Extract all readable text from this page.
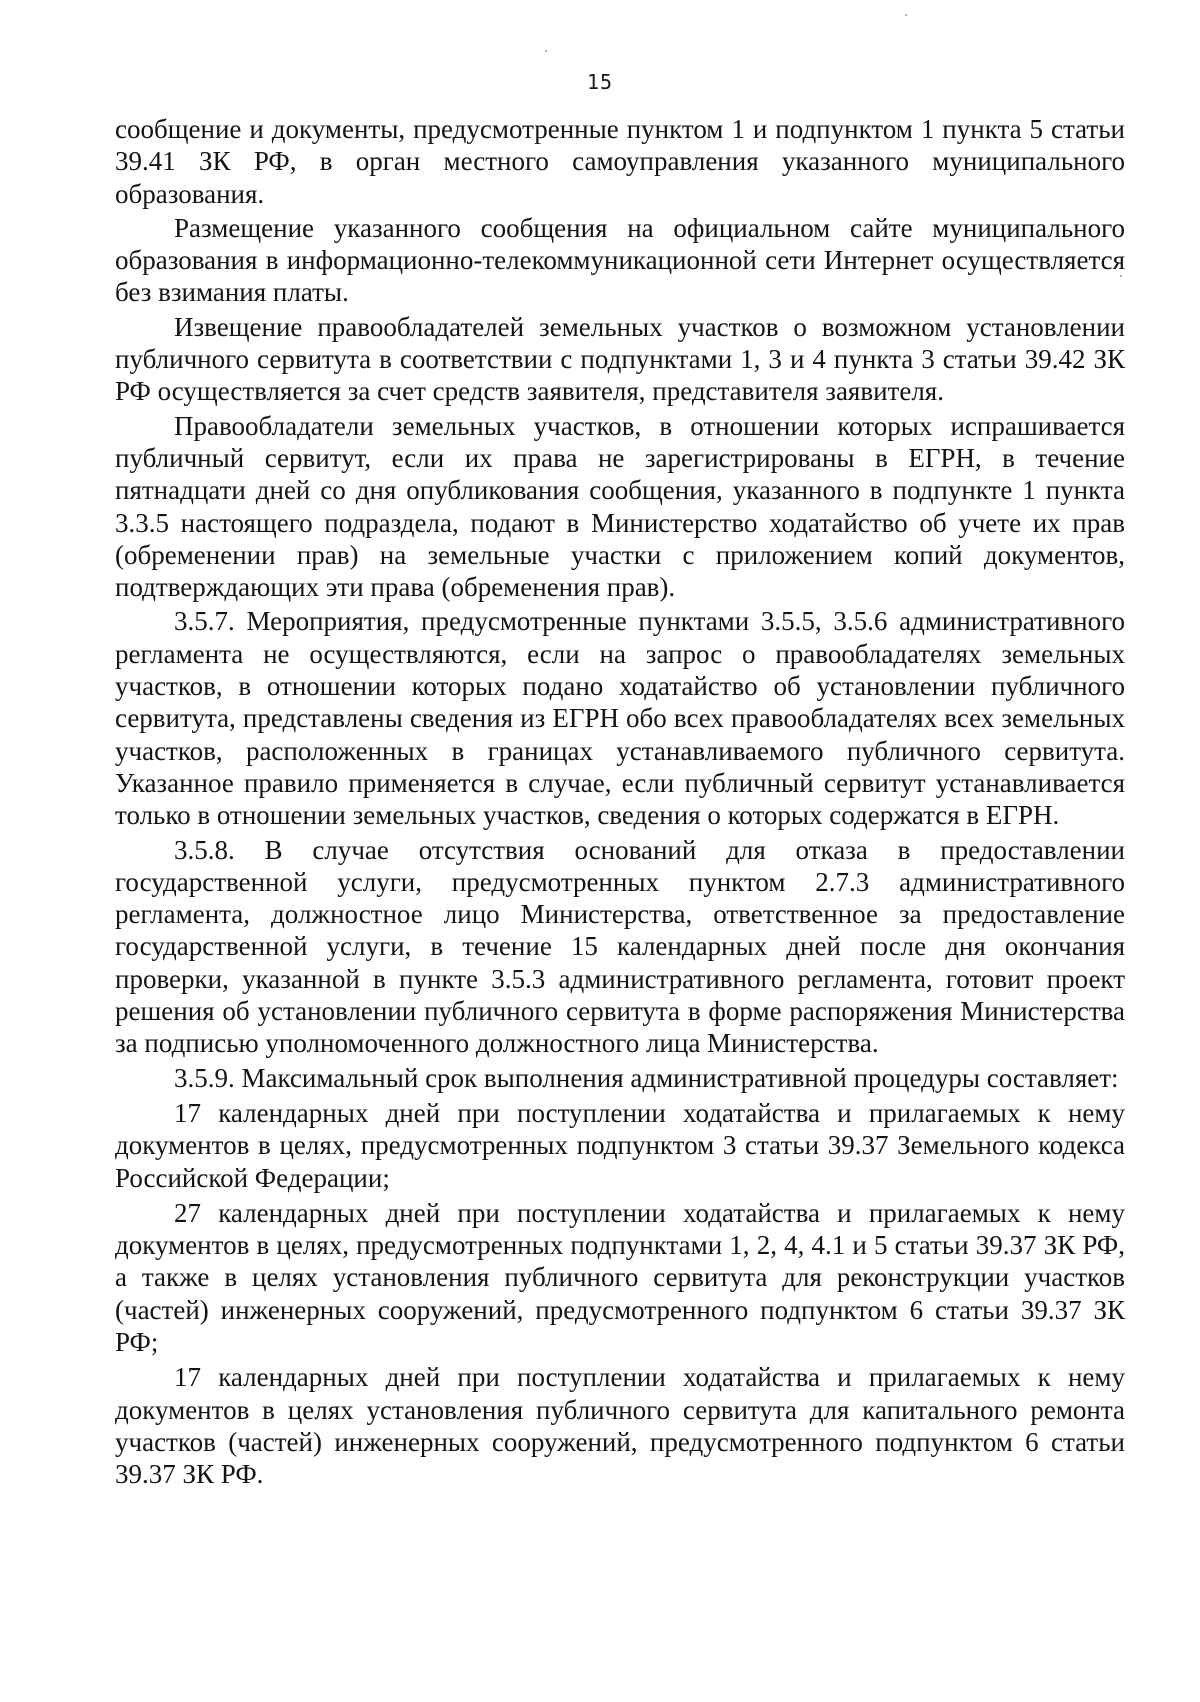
15

сообщение и документы, предусмотренные пунктом 1 и подпунктом 1 пункта 5 статьи 39.41 ЗК РФ, в орган местного самоуправления указанного муниципального образования.

Размещение указанного сообщения на официальном сайте муниципального образования в информационно-телекоммуникационной сети Интернет осуществляется без взимания платы.

Извещение правообладателей земельных участков о возможном установлении публичного сервитута в соответствии с подпунктами 1, 3 и 4 пункта 3 статьи 39.42 ЗК РФ осуществляется за счет средств заявителя, представителя заявителя.

Правообладатели земельных участков, в отношении которых испрашивается публичный сервитут, если их права не зарегистрированы в ЕГРН, в течение пятнадцати дней со дня опубликования сообщения, указанного в подпункте 1 пункта 3.3.5 настоящего подраздела, подают в Министерство ходатайство об учете их прав (обременении прав) на земельные участки с приложением копий документов, подтверждающих эти права (обременения прав).

3.5.7. Мероприятия, предусмотренные пунктами 3.5.5, 3.5.6 административного регламента не осуществляются, если на запрос о правообладателях земельных участков, в отношении которых подано ходатайство об установлении публичного сервитута, представлены сведения из ЕГРН обо всех правообладателях всех земельных участков, расположенных в границах устанавливаемого публичного сервитута. Указанное правило применяется в случае, если публичный сервитут устанавливается только в отношении земельных участков, сведения о которых содержатся в ЕГРН.

3.5.8. В случае отсутствия оснований для отказа в предоставлении государственной услуги, предусмотренных пунктом 2.7.3 административного регламента, должностное лицо Министерства, ответственное за предоставление государственной услуги, в течение 15 календарных дней после дня окончания проверки, указанной в пункте 3.5.3 административного регламента, готовит проект решения об установлении публичного сервитута в форме распоряжения Министерства за подписью уполномоченного должностного лица Министерства.

3.5.9. Максимальный срок выполнения административной процедуры составляет:

17 календарных дней при поступлении ходатайства и прилагаемых к нему документов в целях, предусмотренных подпунктом 3 статьи 39.37 Земельного кодекса Российской Федерации;

27 календарных дней при поступлении ходатайства и прилагаемых к нему документов в целях, предусмотренных подпунктами 1, 2, 4, 4.1 и 5 статьи 39.37 ЗК РФ, а также в целях установления публичного сервитута для реконструкции участков (частей) инженерных сооружений, предусмотренного подпунктом 6 статьи 39.37 ЗК РФ;

17 календарных дней при поступлении ходатайства и прилагаемых к нему документов в целях установления публичного сервитута для капитального ремонта участков (частей) инженерных сооружений, предусмотренного подпунктом 6 статьи 39.37 ЗК РФ.
